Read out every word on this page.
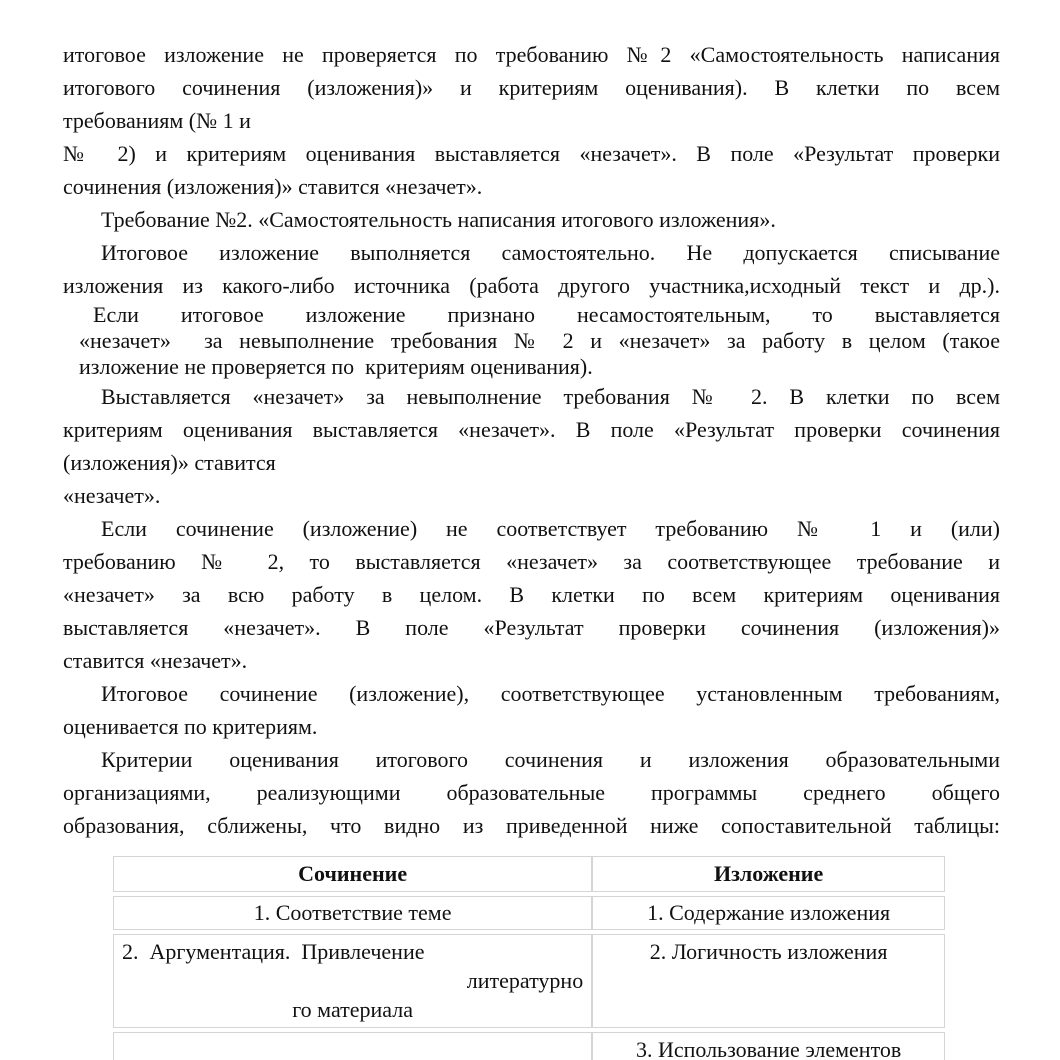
итоговое изложение не проверяется по требованию №2 «Самостоятельность написания
итогового сочинения (изложения)» и критериям оценивания). В клетки по всем
требованиям (№ 1 и
№ 2) и критериям оценивания выставляется «незачет». В поле «Результат проверки
сочинения (изложения)» ставится «незачет».
Требование №2. «Самостоятельность написания итогового изложения».
Итоговое изложение выполняется самостоятельно. Не допускается списывание
изложения из какого-либо источника (работа другого участника,исходный текст и др.).
Если итоговое изложение признано несамостоятельным, то выставляется
«незачет»  за невыполнение требования № 2 и «незачет» за работу в целом (такое
изложение не проверяется по  критериям оценивания).
Выставляется «незачет» за невыполнение требования № 2. В клетки по всем
критериям оценивания выставляется «незачет». В поле «Результат проверки сочинения
(изложения)» ставится
«незачет».
Если сочинение (изложение) не соответствует требованию № 1 и (или)
требованию № 2, то выставляется «незачет» за соответствующее требование и
«незачет» за всю работу в целом. В клетки по всем критериям оценивания
выставляется «незачет». В поле «Результат проверки сочинения (изложения)»
ставится «незачет».
Итоговое сочинение (изложение), соответствующее установленным требованиям,
оценивается по критериям.
Критерии оценивания итогового сочинения и изложения образовательными
организациями, реализующими образовательные программы среднего общего
образования, сближены, что видно из приведенной ниже сопоставительной таблицы:
Сочинение	Изложение
1. Соответствие теме	1. Содержание изложения

2.  Аргументация.  Привлечение
литературно
го материала	2. Логичность изложения
	3. Использование элементов
